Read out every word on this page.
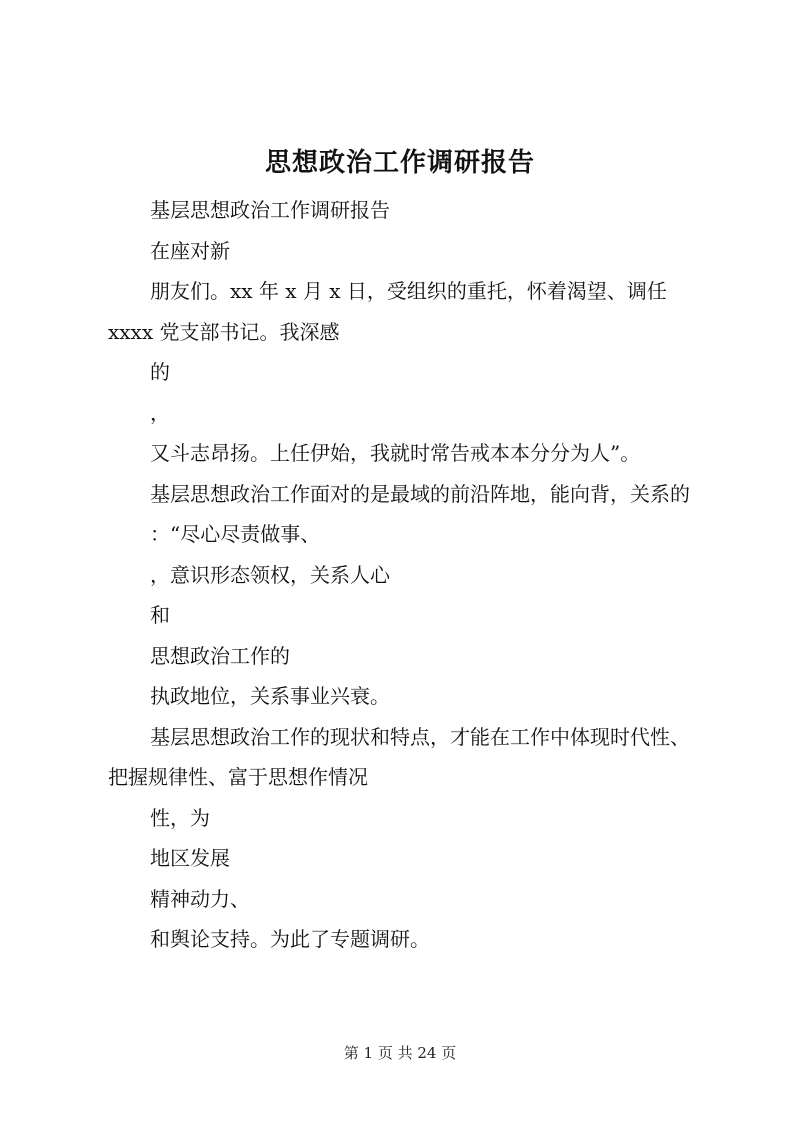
思想政治工作调研报告

基层思想政治工作调研报告

在座对新

朋友们。xx 年 x 月 x 日，受组织的重托，怀着渴望、调任 xxxx 党支部书记。我深感

的

，

又斗志昂扬。上任伊始，我就时常告戒本本分分为人”。

基层思想政治工作面对的是最域的前沿阵地，能向背，关系的

：“尽心尽责做事、

，意识形态领权，关系人心

和

思想政治工作的

执政地位，关系事业兴衰。

基层思想政治工作的现状和特点，才能在工作中体现时代性、把握规律性、富于思想作情况

性，为

地区发展

精神动力、

和舆论支持。为此了专题调研。

第 1 页 共 24 页
